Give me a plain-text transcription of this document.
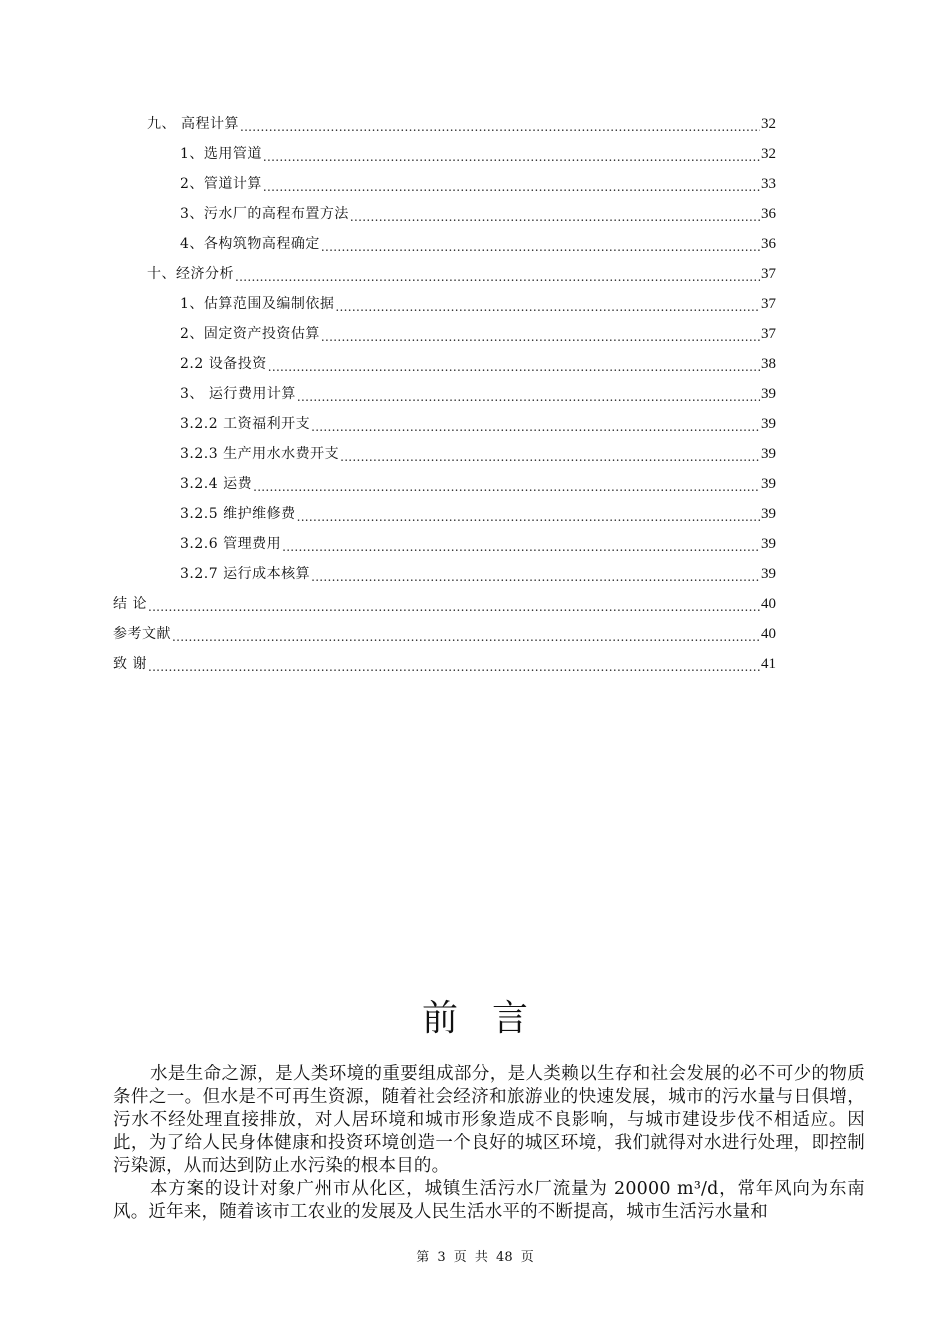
九、 高程计算 .....	32
1、选用管道 .....	32
2、管道计算 .....	33
3、污水厂的高程布置方法 .....	36
4、各构筑物高程确定 .....	36
十、经济分析 .....	37
1、估算范围及编制依据 .....	37
2、固定资产投资估算 .....	37
2.2 设备投资 .....	38
3、 运行费用计算 .....	39
3.2.2 工资福利开支 .....	39
3.2.3 生产用水水费开支 .....	39
3.2.4 运费 .....	39
3.2.5 维护维修费 .....	39
3.2.6 管理费用 .....	39
3.2.7 运行成本核算 .....	39
结 论 .....	40
参考文献 .....	40
致 谢 .....	41
前言

水是生命之源，是人类环境的重要组成部分，是人类赖以生存和社会发展的必不可少的物质条件之一。但水是不可再生资源，随着社会经济和旅游业的快速发展，城市的污水量与日俱增，污水不经处理直接排放，对人居环境和城市形象造成不良影响，与城市建设步伐不相适应。因此，为了给人民身体健康和投资环境创造一个良好的城区环境，我们就得对水进行处理，即控制污染源，从而达到防止水污染的根本目的。

本方案的设计对象广州市从化区，城镇生活污水厂流量为 20000 m³/d，常年风向为东南风。近年来，随着该市工农业的发展及人民生活水平的不断提高，城市生活污水量和

第 3 页 共 48 页
